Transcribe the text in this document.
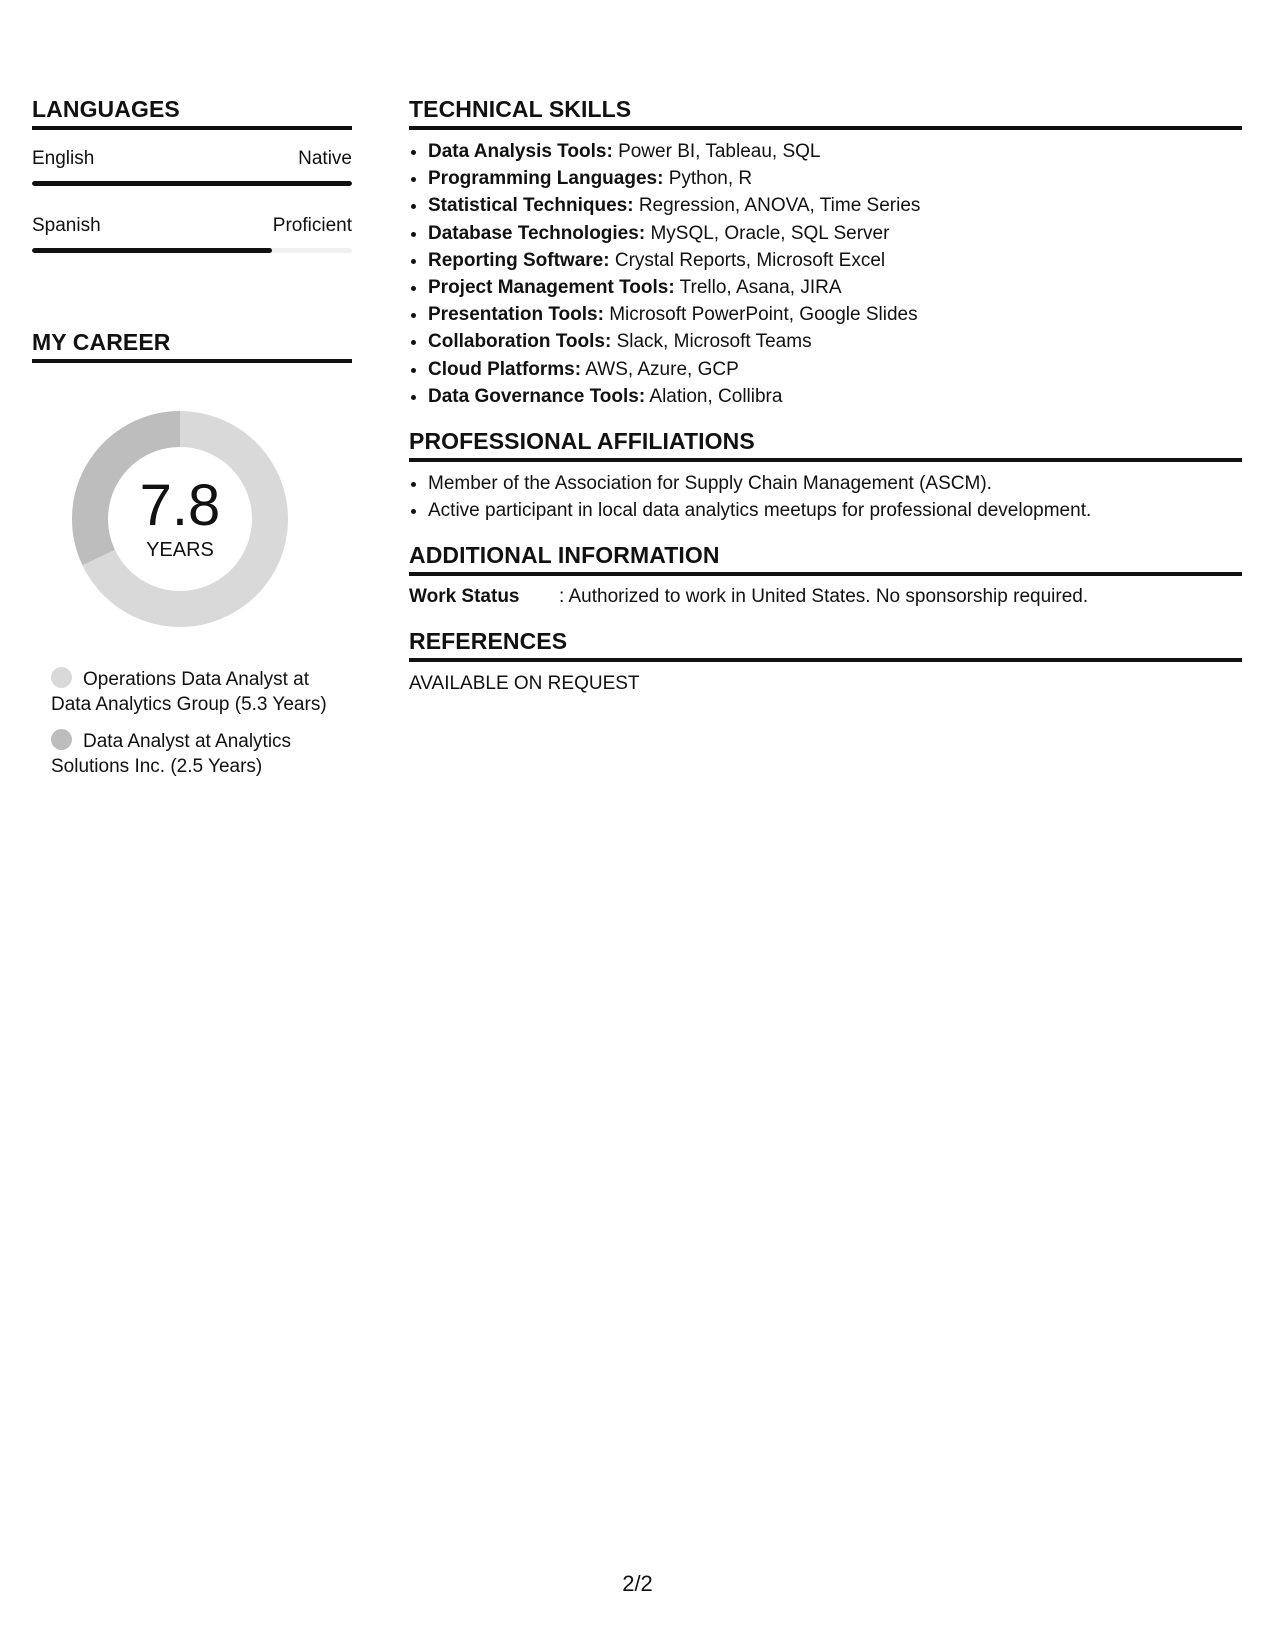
LANGUAGES
English	Native
Spanish	Proficient
MY CAREER
7.8
YEARS
Operations Data Analyst at Data Analytics Group (5.3 Years)
Data Analyst at Analytics Solutions Inc. (2.5 Years)
TECHNICAL SKILLS
• Data Analysis Tools: Power BI, Tableau, SQL
• Programming Languages: Python, R
• Statistical Techniques: Regression, ANOVA, Time Series
• Database Technologies: MySQL, Oracle, SQL Server
• Reporting Software: Crystal Reports, Microsoft Excel
• Project Management Tools: Trello, Asana, JIRA
• Presentation Tools: Microsoft PowerPoint, Google Slides
• Collaboration Tools: Slack, Microsoft Teams
• Cloud Platforms: AWS, Azure, GCP
• Data Governance Tools: Alation, Collibra
PROFESSIONAL AFFILIATIONS
• Member of the Association for Supply Chain Management (ASCM).
• Active participant in local data analytics meetups for professional development.
ADDITIONAL INFORMATION
Work Status	: Authorized to work in United States. No sponsorship required.
REFERENCES
AVAILABLE ON REQUEST
2/2
